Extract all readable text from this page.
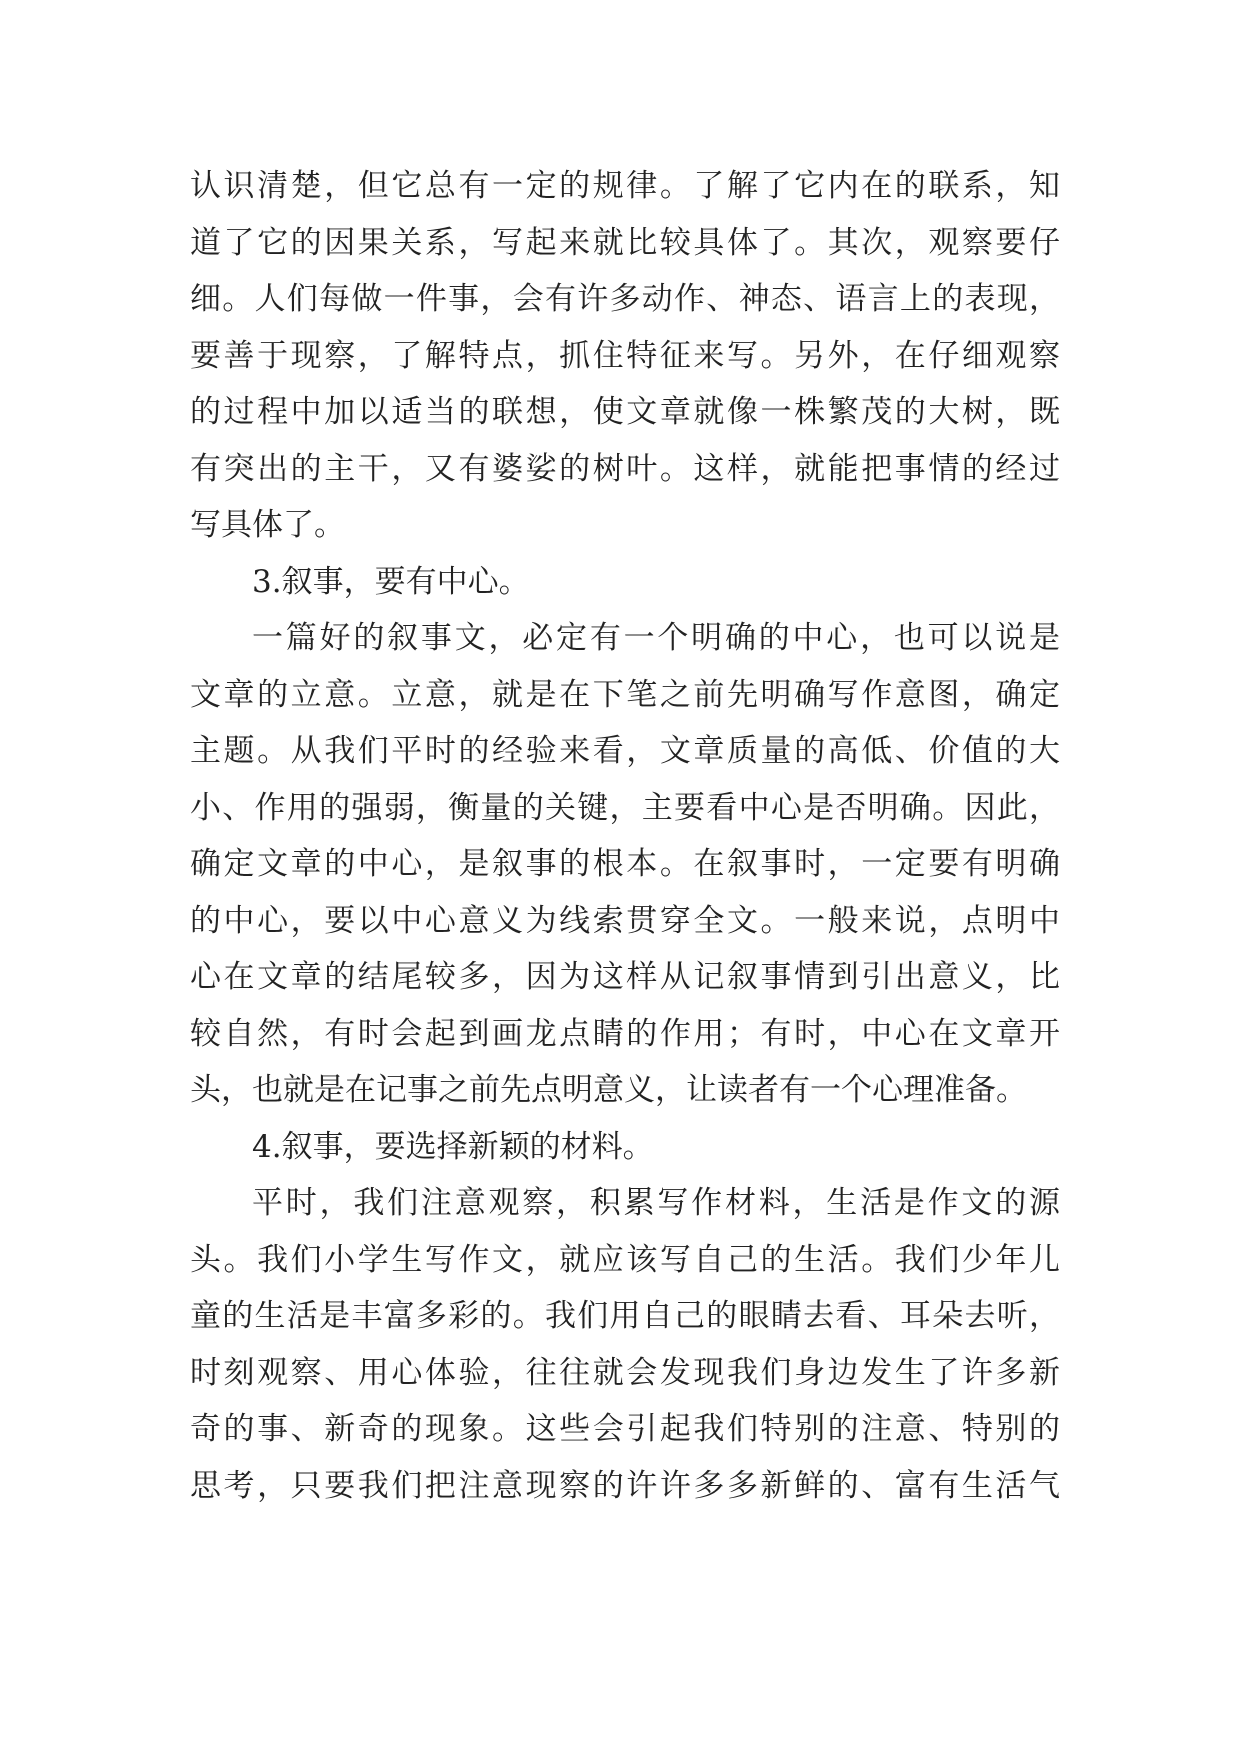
认识清楚，但它总有一定的规律。了解了它内在的联系，知
道了它的因果关系，写起来就比较具体了。其次，观察要仔
细。人们每做一件事，会有许多动作、神态、语言上的表现，
要善于现察，了解特点，抓住特征来写。另外，在仔细观察
的过程中加以适当的联想，使文章就像一株繁茂的大树，既
有突出的主干，又有婆娑的树叶。这样，就能把事情的经过
写具体了。
3.叙事，要有中心。
一篇好的叙事文，必定有一个明确的中心，也可以说是
文章的立意。立意，就是在下笔之前先明确写作意图，确定
主题。从我们平时的经验来看，文章质量的高低、价值的大
小、作用的强弱，衡量的关键，主要看中心是否明确。因此，
确定文章的中心，是叙事的根本。在叙事时，一定要有明确
的中心，要以中心意义为线索贯穿全文。一般来说，点明中
心在文章的结尾较多，因为这样从记叙事情到引出意义，比
较自然，有时会起到画龙点睛的作用；有时，中心在文章开
头，也就是在记事之前先点明意义，让读者有一个心理准备。
4.叙事，要选择新颖的材料。
平时，我们注意观察，积累写作材料，生活是作文的源
头。我们小学生写作文，就应该写自己的生活。我们少年儿
童的生活是丰富多彩的。我们用自己的眼睛去看、耳朵去听，
时刻观察、用心体验，往往就会发现我们身边发生了许多新
奇的事、新奇的现象。这些会引起我们特别的注意、特别的
思考，只要我们把注意现察的许许多多新鲜的、富有生活气
